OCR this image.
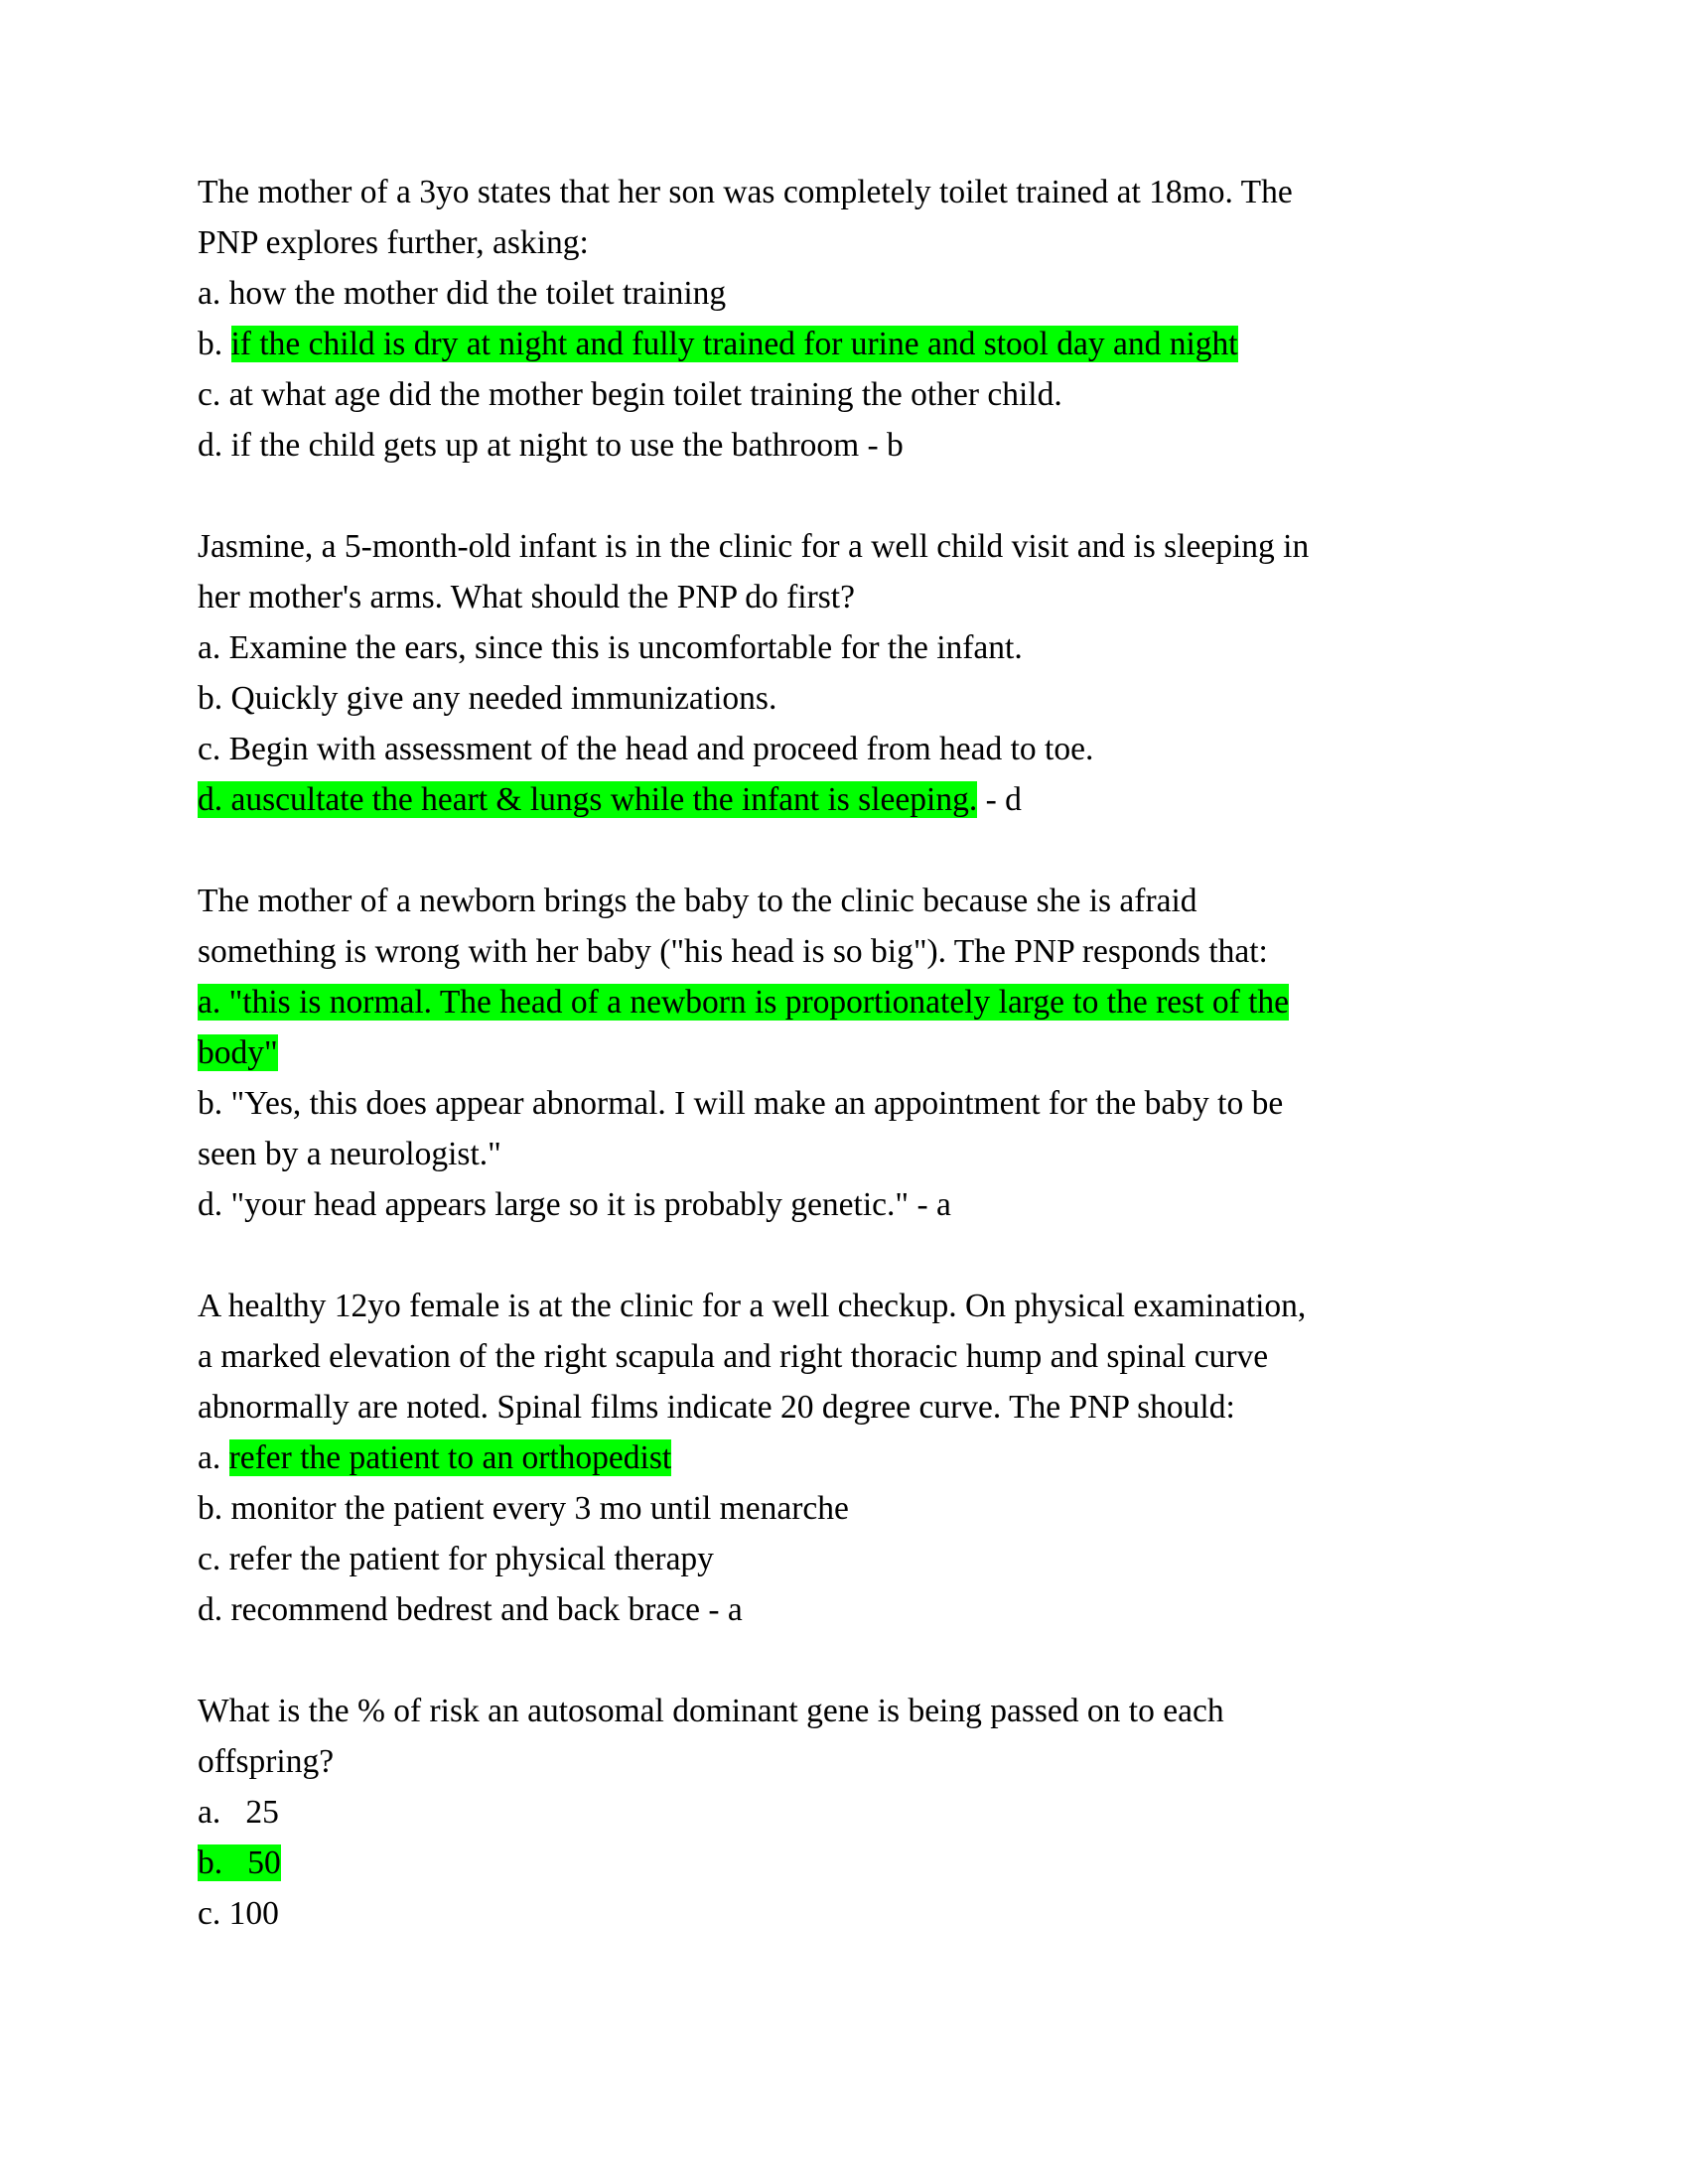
The mother of a 3yo states that her son was completely toilet trained at 18mo. The
PNP explores further, asking:
a. how the mother did the toilet training
b. if the child is dry at night and fully trained for urine and stool day and night
c. at what age did the mother begin toilet training the other child.
d. if the child gets up at night to use the bathroom - b
Jasmine, a 5-month-old infant is in the clinic for a well child visit and is sleeping in
her mother's arms. What should the PNP do first?
a. Examine the ears, since this is uncomfortable for the infant.
b. Quickly give any needed immunizations.
c. Begin with assessment of the head and proceed from head to toe.
d. auscultate the heart & lungs while the infant is sleeping. - d
The mother of a newborn brings the baby to the clinic because she is afraid
something is wrong with her baby ("his head is so big"). The PNP responds that:
a. "this is normal. The head of a newborn is proportionately large to the rest of the
body"
b. "Yes, this does appear abnormal. I will make an appointment for the baby to be
seen by a neurologist."
d. "your head appears large so it is probably genetic." - a
A healthy 12yo female is at the clinic for a well checkup. On physical examination,
a marked elevation of the right scapula and right thoracic hump and spinal curve
abnormally are noted. Spinal films indicate 20 degree curve. The PNP should:
a. refer the patient to an orthopedist
b. monitor the patient every 3 mo until menarche
c. refer the patient for physical therapy
d. recommend bedrest and back brace - a
What is the % of risk an autosomal dominant gene is being passed on to each
offspring?
a.   25
b.   50
c. 100
